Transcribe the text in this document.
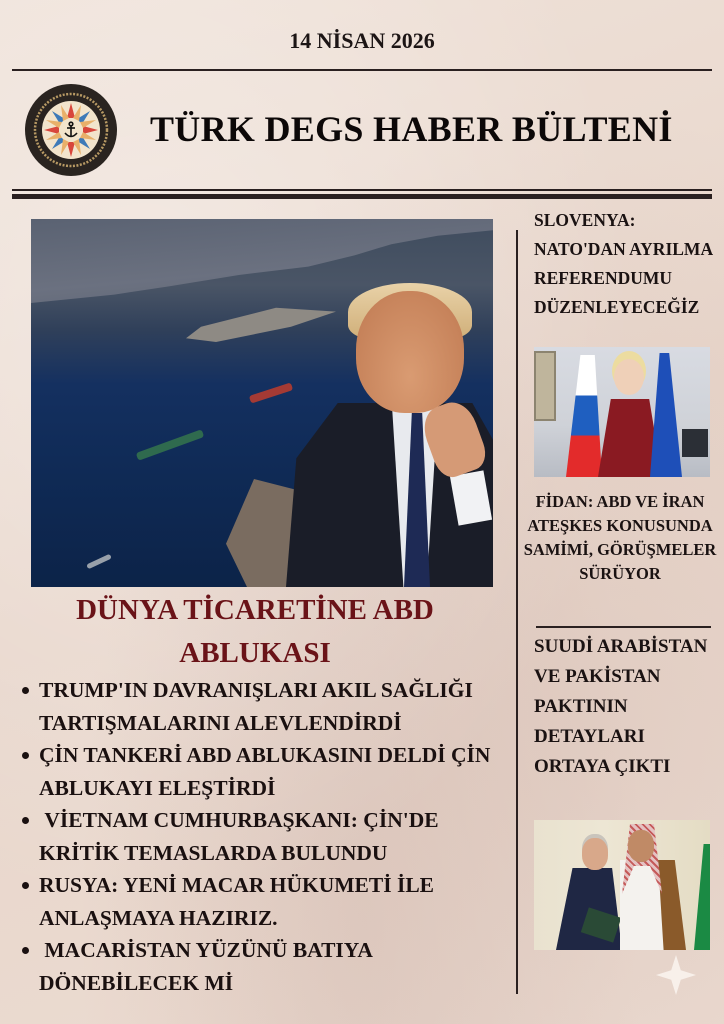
14 NİSAN 2026
TÜRK DEGS HABER BÜLTENİ
DÜNYA TİCARETİNE ABD ABLUKASI
TRUMP'IN DAVRANIŞLARI AKIL SAĞLIĞI TARTIŞMALARINI ALEVLENDİRDİ
ÇİN TANKERİ ABD ABLUKASINI DELDİ ÇİN ABLUKAYI ELEŞTİRDİ
VİETNAM CUMHURBAŞKANI: ÇİN'DE KRİTİK TEMASLARDA BULUNDU
RUSYA: YENİ MACAR HÜKUMETİ İLE ANLAŞMAYA HAZIRIZ.
MACARİSTAN YÜZÜNÜ BATIYA DÖNEBİLECEK Mİ
SLOVENYA: NATO'DAN AYRILMA REFERENDUMU DÜZENLEYECEĞİZ
FİDAN: ABD VE İRAN ATEŞKES KONUSUNDA SAMİMİ, GÖRÜŞMELER SÜRÜYOR
SUUDİ ARABİSTAN VE PAKİSTAN PAKTININ DETAYLARI ORTAYA ÇIKTI
